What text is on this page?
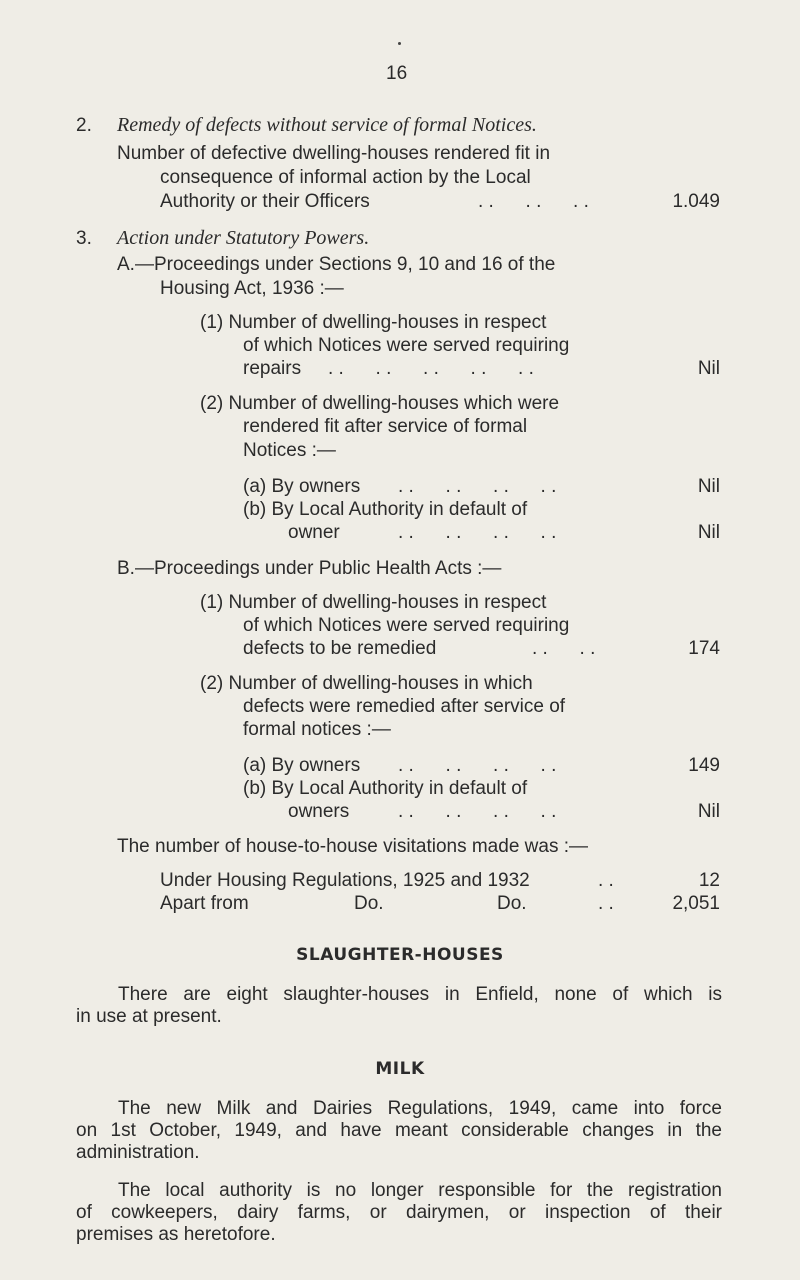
16
2. Remedy of defects without service of formal Notices.
Number of defective dwelling-houses rendered fit in
consequence of informal action by the Local
Authority or their Officers	. .      . .      . .	1.049
3. Action under Statutory Powers.
A.—Proceedings under Sections 9, 10 and 16 of the
Housing Act, 1936 :—
(1) Number of dwelling-houses in respect
of which Notices were served requiring
repairs . .      . .      . .      . .      . .	Nil
(2) Number of dwelling-houses which were
rendered fit after service of formal
Notices :—
(a) By owners . .      . .      . .      . .	Nil
(b) By Local Authority in default of
owner	. .      . .      . .      . .	Nil
B.—Proceedings under Public Health Acts :—
(1) Number of dwelling-houses in respect
of which Notices were served requiring
defects to be remedied	. .      . .	174
(2) Number of dwelling-houses in which
defects were remedied after service of
formal notices :—
(a) By owners . .      . .      . .      . .	149
(b) By Local Authority in default of
owners	. .      . .      . .      . .	Nil
The number of house-to-house visitations made was :—
Under Housing Regulations, 1925 and 1932	. .	12
Apart from	Do.	Do.	. .	2,051
SLAUGHTER-HOUSES
There are eight slaughter-houses in Enfield, none of which is
in use at present.
MILK
The new Milk and Dairies Regulations, 1949, came into force
on 1st October, 1949, and have meant considerable changes in the
administration.
The local authority is no longer responsible for the registration
of cowkeepers, dairy farms, or dairymen, or inspection of their
premises as heretofore.
